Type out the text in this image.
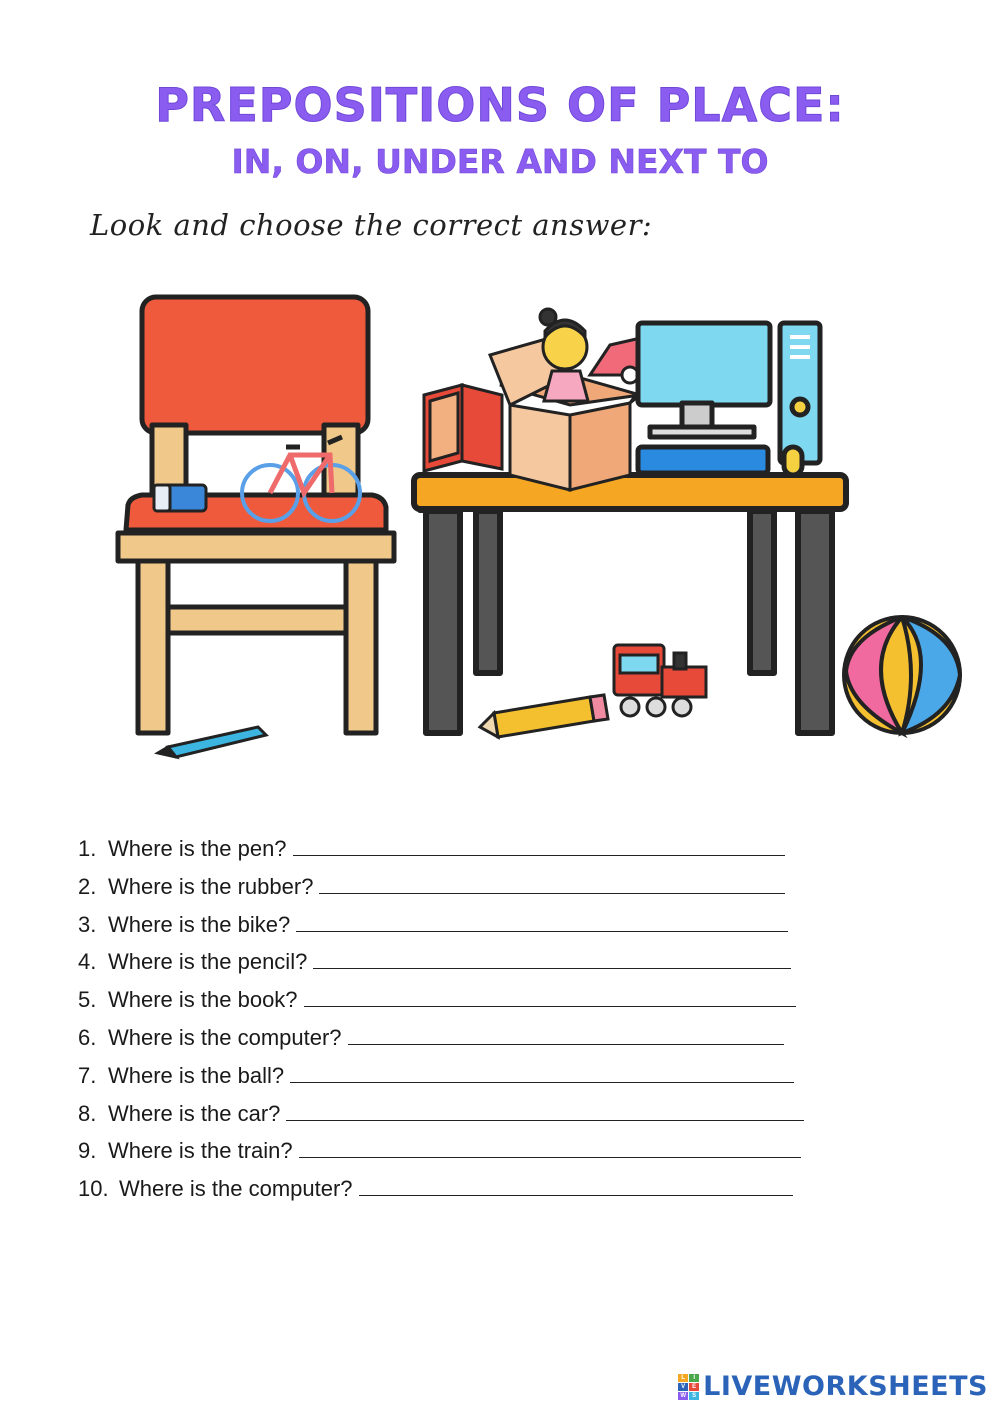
PREPOSITIONS OF PLACE:
IN, ON, UNDER AND NEXT TO
Look and choose the correct answer:
1. Where is the pen?
2. Where is the rubber?
3. Where is the bike?
4. Where is the pencil?
5. Where is the book?
6. Where is the computer?
7. Where is the ball?
8. Where is the car?
9. Where is the train?
10. Where is the computer?
L	I
V	E
W	S LIVEWORKSHEETS
